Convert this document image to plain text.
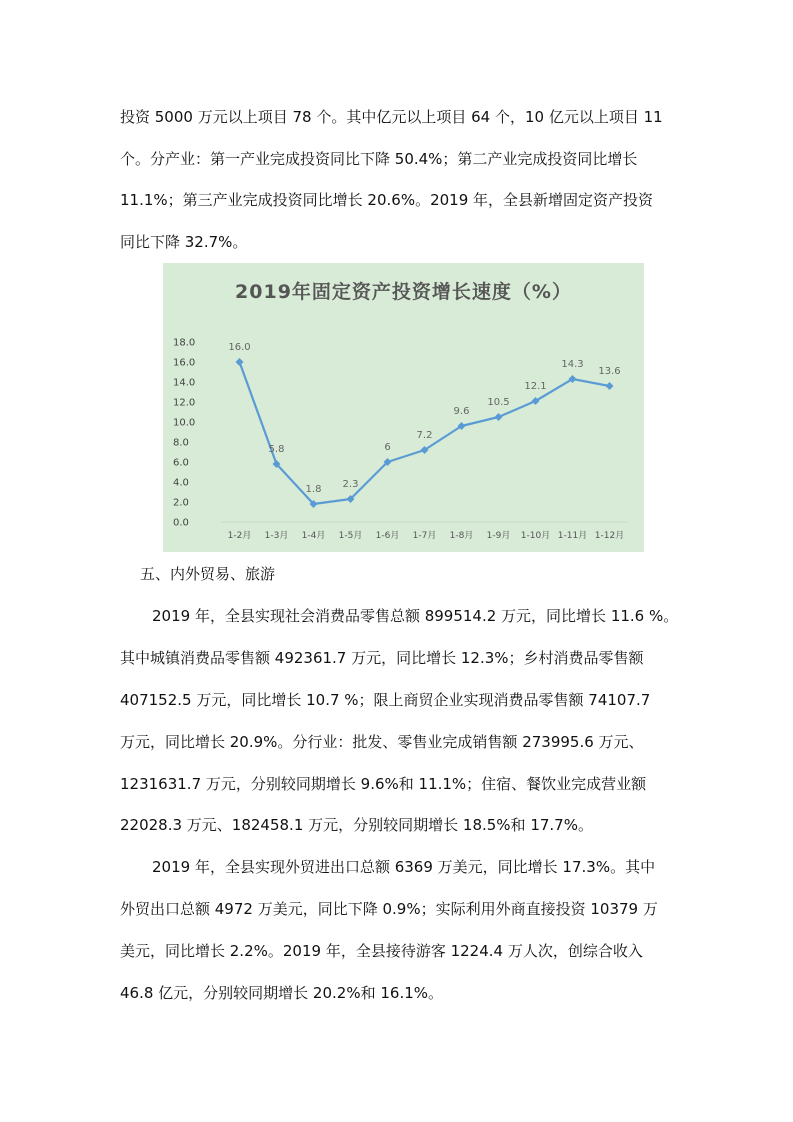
投资 5000 万元以上项目 78 个。其中亿元以上项目 64 个，10 亿元以上项目 11
个。分产业：第一产业完成投资同比下降 50.4%；第二产业完成投资同比增长
11.1%；第三产业完成投资同比增长 20.6%。2019 年，全县新增固定资产投资
同比下降 32.7%。
2019年固定资产投资增长速度（%）
0.0
2.0
4.0
6.0
8.0
10.0
12.0
14.0
16.0
18.0
1-2月 1-3月 1-4月 1-5月 1-6月 1-7月 1-8月 1-9月 1-10月 1-11月 1-12月
16.0
5.8
1.8 2.3
6
7.2
9.6
10.5
12.1
14.3
13.6
五、内外贸易、旅游
2019 年，全县实现社会消费品零售总额 899514.2 万元，同比增长 11.6 %。
其中城镇消费品零售额 492361.7 万元，同比增长 12.3%；乡村消费品零售额
407152.5 万元，同比增长 10.7 %；限上商贸企业实现消费品零售额 74107.7
万元，同比增长 20.9%。分行业：批发、零售业完成销售额 273995.6 万元、
1231631.7 万元，分别较同期增长 9.6%和 11.1%；住宿、餐饮业完成营业额
22028.3 万元、182458.1 万元，分别较同期增长 18.5%和 17.7%。
2019 年，全县实现外贸进出口总额 6369 万美元，同比增长 17.3%。其中
外贸出口总额 4972 万美元，同比下降 0.9%；实际利用外商直接投资 10379 万
美元，同比增长 2.2%。2019 年，全县接待游客 1224.4 万人次，创综合收入
46.8 亿元，分别较同期增长 20.2%和 16.1%。
